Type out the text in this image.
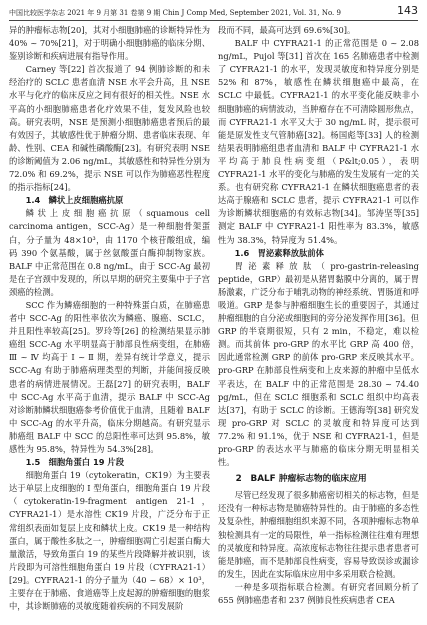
中国比较医学杂志 2021 年 9 月第 31 卷第 9 期 Chin J Comp Med, September 2021, Vol. 31, No. 9	143

异的肿瘤标志物[20]，其对小细胞肺癌的诊断特异性为40% ~ 70%[21]，对于明确小细胞肺癌的临床分期、鉴别诊断和疾病进展有指导作用。

Carney 等[22] 首次报道了 94 例肺诊断的和未经治疗的 SCLC 患者血清 NSE 水平会升高，且 NSE 水平与化疗的临床反应之间有很好的相关性。NSE 水平高的小细胞肺癌患者化疗效果不佳，复发风险也较高。研究表明，NSE 是预测小细胞肺癌患者预后的最有效因子，其敏感性优于肿瘤分期、患者临床表现、年龄、性别、CEA 和碱性磷酸酶[23]。有研究表明 NSE 的诊断阈值为 2.06 ng/mL，其敏感性和特异性分别为 72.0% 和 69.2%，提示 NSE 可以作为肺癌恶性程度的指示指标[24]。

1.4　鳞状上皮细胞癌抗原

鳞状上皮细胞癌抗原（squamous cell carcinoma antigen，SCC-Ag）是一种细胞骨架蛋白，分子量为 48×10³，由 1170 个核苷酸组成，编码 390 个氨基酸，属于丝氨酸蛋白酶抑制物家族。BALF 中正常范围在 0.8 ng/mL，由于 SCC-Ag 最初是在子宫颈中发现的，所以早期的研究主要集中于子宫颈癌的检测。

SCC 作为鳞癌细胞的一种特殊蛋白质，在肺癌患者中 SCC-Ag 的阳性率依次为鳞癌、腺癌、SCLC，并且阳性率较高[25]。罗玲等[26] 的检测结果显示肺癌组 SCC-Ag 水平明显高于肺部良性病变组，在肺癌 Ⅲ ~ Ⅳ 均高于 Ⅰ ~ Ⅱ 期，差异有统计学意义，提示 SCC-Ag 有助于肺癌病理类型的判断，并能间接反映患者的病情进展情况。王磊[27] 的研究表明，BALF 中 SCC-Ag 水平高于血清，提示 BALF 中 SCC-Ag 对诊断肺鳞状细胞癌参考价值优于血清，且随着 BALF 中 SCC-Ag 的水平升高，临床分期越高。有研究显示肺癌组 BALF 中 SCC 的总阳性率可达到 95.8%，敏感性为 95.8%，特异性为 54.3%[28]。

1.5　细胞角蛋白 19 片段

细胞角蛋白 19（cytokeratin，CK19）为主要表达于单层上皮细胞的 Ⅰ 型角蛋白，细胞角蛋白 19 片段（cytokeratin-19-fragment antigen 21-1，CYFRA21-1）是水溶性 CK19 片段，广泛分布于正常组织表面如复层上皮和鳞状上皮。CK19 是一种结构蛋白，属于酸性多肽之一，肿瘤细胞凋亡引起蛋白酶大量激活，导致角蛋白 19 的某些片段降解并被识别，该片段即为可溶性细胞角蛋白 19 片段（CYFRA21-1）[29]。CYFRA21-1 的分子量为（40 ~ 68）× 10³，主要存在于肺癌、食道癌等上皮起源的肿瘤细胞的胞浆中，其诊断肺癌的灵敏度随着疾病的不同发展阶

段而不同，最高可达到 69.6%[30]。

BALF 中 CYFRA21-1 的正常范围是 0 ~ 2.08 ng/mL，Pujol 等[31] 首次在 165 名肺癌患者中检测了 CYFRA21-1 的水平，发现灵敏度和特异度分别是 52% 和 87%，敏感性在鳞状细胞癌中最高，在 SCLC 中最低。CYFRA21-1 的水平变化能反映非小细胞肺癌的病情波动，当肿瘤存在不可清除圆形焦点，而 CYFRA21-1 水平又大于 30 ng/mL 时，提示很可能是原发性支气管肺癌[32]。杨国彪等[33] 人的检测结果表明肺癌组患者血清和 BALF 中 CYFRA21-1 水平均高于肺良性病变组（P&lt;0.05），表明 CYFRA21-1 水平的变化与肺癌的发生发展有一定的关系。也有研究称 CYFRA21-1 在鳞状细胞癌患者的表达高于腺癌和 SCLC 患者，提示 CYFRA21-1 可以作为诊断鳞状细胞癌的有效标志物[34]。邹涛坚等[35] 测定 BALF 中 CYFRA21-1 阳性率为 83.3%，敏感性为 38.3%，特异度为 51.4%。

1.6　胃泌素释放肽前体

胃泌素释放肽（pro-gastrin-releasing peptide，GRP）最初是从猪胃黏膜中分离的，属于胃肠激素，广泛分布于哺乳动物的神经系统、胃肠道和呼吸道。GRP 是参与肿瘤细胞生长的重要因子，其通过肿瘤细胞的自分泌或细胞间的旁分泌发挥作用[36]。但 GRP 的半衰期很短，只有 2 min，不稳定，难以检测。而其前体 pro-GRP 的水平比 GRP 高 400 倍，因此通常检测 GRP 的前体 pro-GRP 来反映其水平。pro-GRP 在肺部良性病变和上皮来源的肿瘤中呈低水平表达，在 BALF 中的正常范围是 28.30 ~ 74.40 pg/mL，但在 SCLC 细胞系和 SCLC 组织中均高表达[37]，有助于 SCLC 的诊断。王德海等[38] 研究发现 pro-GRP 对 SCLC 的灵敏度和特异度可达到 77.2% 和 91.1%，优于 NSE 和 CYFRA21-1，但是 pro-GRP 的表达水平与肺癌的临床分期无明显相关性。

2　BALF 肿瘤标志物的临床应用

尽管已经发现了很多肺癌密切相关的标志物，但是还没有一种标志物是肺癌特异性的。由于肺癌的多态性及复杂性，肿瘤细胞组织来源不同，各项肿瘤标志物单独检测具有一定的局限性，单一指标检测往往难有理想的灵敏度和特异度。高浓度标志物往往提示患者患者可能是肺癌，而不是肺部良性病变，容易导致误诊或漏诊的发生，因此在实际临床应用中多采用联合检测。

一种是多项指标联合检测。有研究者回顾分析了 655 例肺癌患者和 237 例肺良性疾病患者 CEA
